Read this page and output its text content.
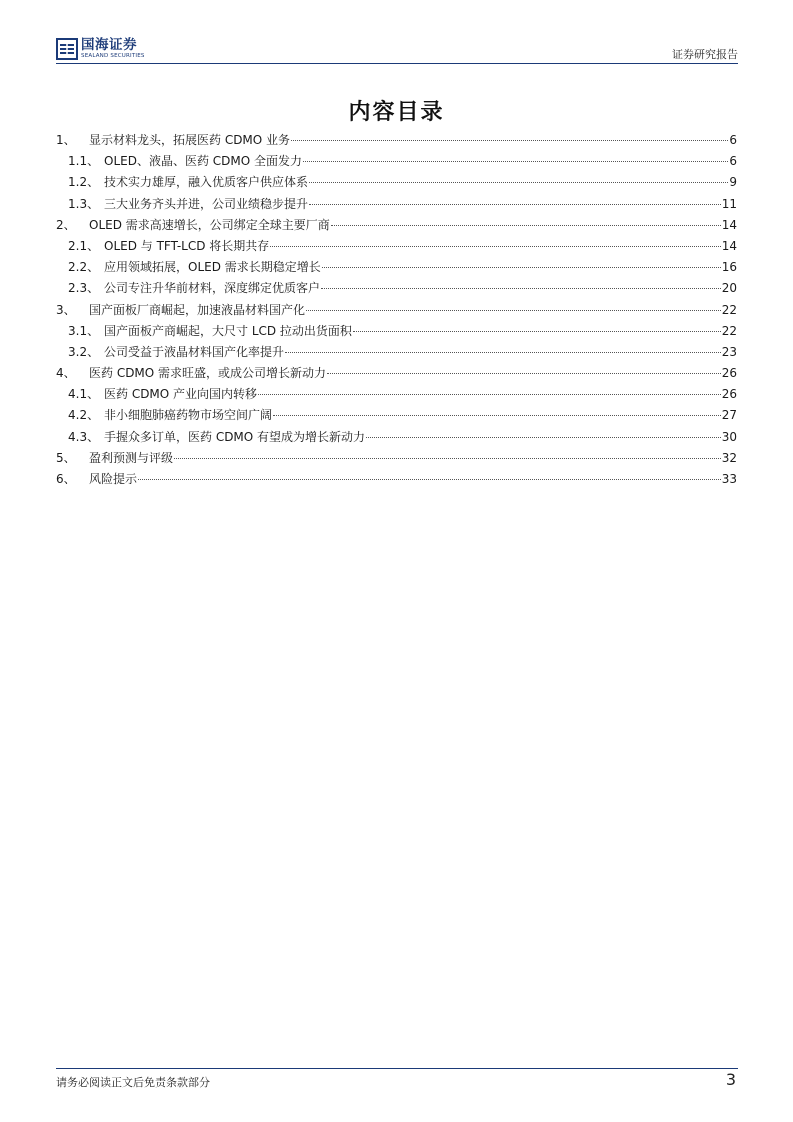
国海证券
SEALAND SECURITIES	证券研究报告
内容目录
1、	显示材料龙头，拓展医药 CDMO 业务	6
1.1、 OLED、液晶、医药 CDMO 全面发力	6
1.2、 技术实力雄厚，融入优质客户供应体系	9
1.3、 三大业务齐头并进，公司业绩稳步提升	11
2、	OLED 需求高速增长，公司绑定全球主要厂商	14
2.1、 OLED 与 TFT-LCD 将长期共存	14
2.2、 应用领域拓展，OLED 需求长期稳定增长	16
2.3、 公司专注升华前材料，深度绑定优质客户	20
3、	国产面板厂商崛起，加速液晶材料国产化	22
3.1、 国产面板产商崛起，大尺寸 LCD 拉动出货面积	22
3.2、 公司受益于液晶材料国产化率提升	23
4、	医药 CDMO 需求旺盛，或成公司增长新动力	26
4.1、 医药 CDMO 产业向国内转移	26
4.2、 非小细胞肺癌药物市场空间广阔	27
4.3、 手握众多订单，医药 CDMO 有望成为增长新动力	30
5、	盈利预测与评级	32
6、	风险提示	33
请务必阅读正文后免责条款部分	3
